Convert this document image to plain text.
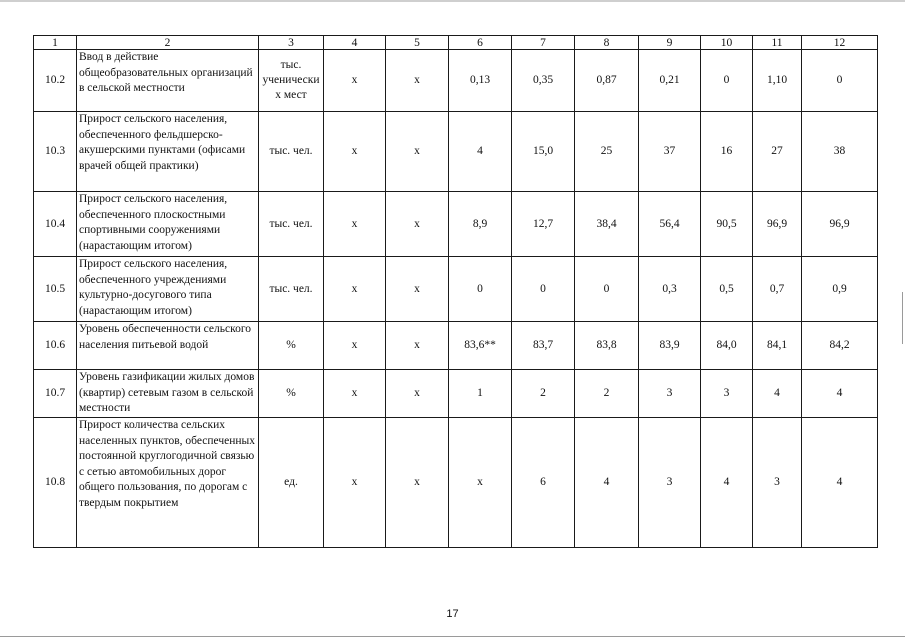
1	2	3	4	5	6	7	8	9	10	11	12
10.2	Ввод в действие общеобразовательных организаций в сельской местности	тыс. ученически х мест	х	х	0,13	0,35	0,87	0,21	0	1,10	0
10.3	Прирост сельского населения, обеспеченного фельдшерско-акушерскими пунктами (офисами врачей общей практики)	тыс. чел.	х	х	4	15,0	25	37	16	27	38
10.4	Прирост сельского населения, обеспеченного плоскостными спортивными сооружениями (нарастающим итогом)	тыс. чел.	х	х	8,9	12,7	38,4	56,4	90,5	96,9	96,9
10.5	Прирост сельского населения, обеспеченного учреждениями культурно-досугового типа (нарастающим итогом)	тыс. чел.	х	х	0	0	0	0,3	0,5	0,7	0,9
10.6	Уровень обеспеченности сельского населения питьевой водой	%	х	х	83,6**	83,7	83,8	83,9	84,0	84,1	84,2
10.7	Уровень газификации жилых домов (квартир) сетевым газом в сельской местности	%	х	х	1	2	2	3	3	4	4
10.8	Прирост количества сельских населенных пунктов, обеспеченных постоянной круглогодичной связью с сетью автомобильных дорог общего пользования, по дорогам с твердым покрытием	ед.	х	х	х	6	4	3	4	3	4
17
